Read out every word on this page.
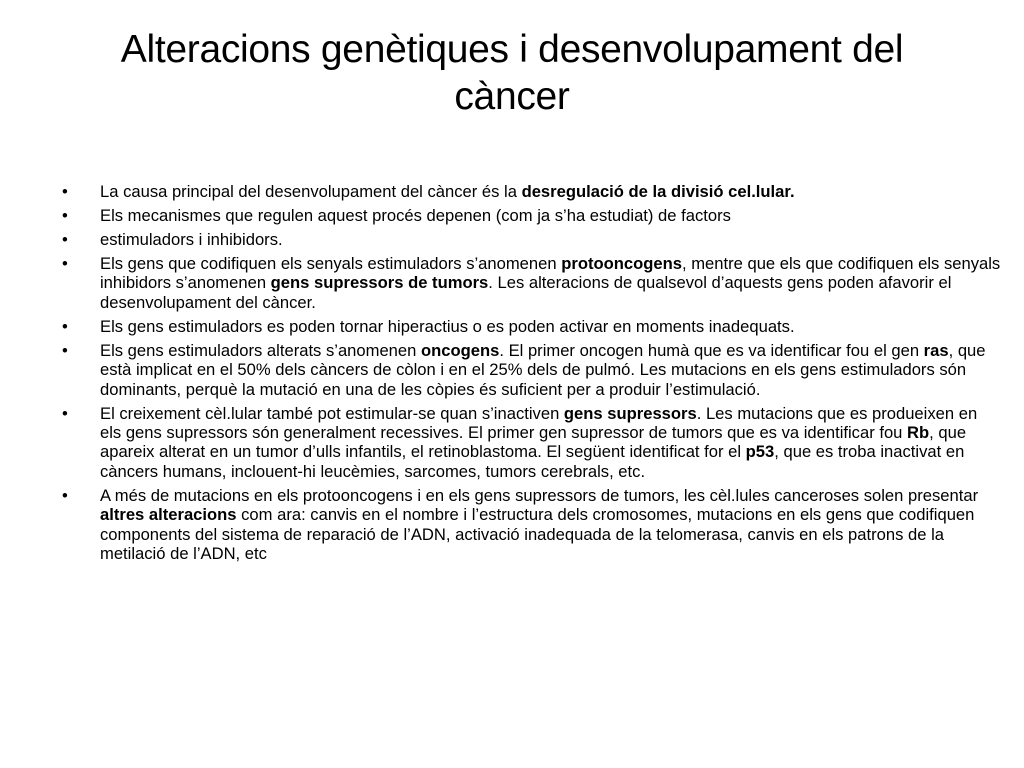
Alteracions genètiques i desenvolupament del càncer
•	La causa principal del desenvolupament del càncer és la desregulació de la divisió cel.lular.
•	Els mecanismes que regulen aquest procés depenen (com ja s’ha estudiat) de factors
•	estimuladors i inhibidors.
•	Els gens que codifiquen els senyals estimuladors s’anomenen protooncogens, mentre que els que codifiquen els senyals inhibidors s’anomenen gens supressors de tumors. Les alteracions de qualsevol d’aquests gens poden afavorir el desenvolupament del càncer.
•	Els gens estimuladors es poden tornar hiperactius o es poden activar en moments inadequats.
•	Els gens estimuladors alterats s’anomenen oncogens. El primer oncogen humà que es va identificar fou el gen ras, que està implicat en el 50% dels càncers de còlon i en el 25% dels de pulmó. Les mutacions en els gens estimuladors són dominants, perquè la mutació en una de les còpies és suficient per a produir l’estimulació.
•	El creixement cèl.lular també pot estimular-se quan s’inactiven gens supressors. Les mutacions que es produeixen en els gens supressors són generalment recessives. El primer gen supressor de tumors que es va identificar fou Rb, que apareix alterat en un tumor d’ulls infantils, el retinoblastoma. El següent identificat for el p53, que es troba inactivat en càncers humans, inclouent-hi leucèmies, sarcomes, tumors cerebrals, etc.
•	A més de mutacions en els protooncogens i en els gens supressors de tumors, les cèl.lules canceroses solen presentar altres alteracions com ara: canvis en el nombre i l’estructura dels cromosomes, mutacions en els gens que codifiquen components del sistema de reparació de l’ADN, activació inadequada de la telomerasa, canvis en els patrons de la metilació de l’ADN, etc
